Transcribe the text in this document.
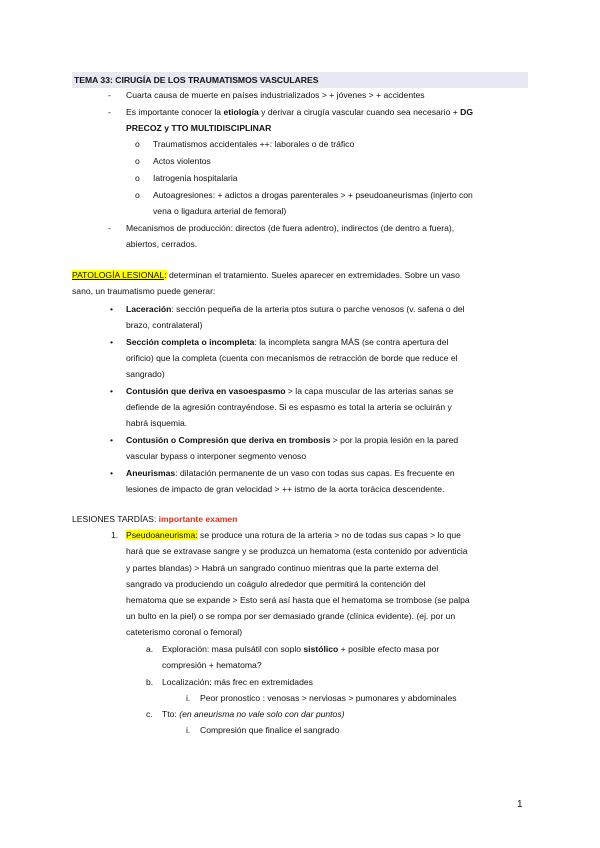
TEMA 33: CIRUGÍA DE LOS TRAUMATISMOS VASCULARES
- Cuarta causa de muerte en países industrializados > + jóvenes > + accidentes
- Es importante conocer la etiología y derivar a cirugía vascular cuando sea necesario + DG
PRECOZ y TTO MULTIDISCIPLINAR
o Traumatismos accidentales ++: laborales o de tráfico
o Actos violentos
o Iatrogenia hospitalaria
o Autoagresiones: + adictos a drogas parenterales > + pseudoaneurismas (injerto con
vena o ligadura arterial de femoral)
- Mecanismos de producción: directos (de fuera adentro), indirectos (de dentro a fuera),
abiertos, cerrados.
PATOLOGÍA LESIONAL: determinan el tratamiento. Sueles aparecer en extremidades. Sobre un vaso
sano, un traumatismo puede generar:
• Laceración: sección pequeña de la arteria ptos sutura o parche venosos (v. safena o del
brazo, contralateral)
• Sección completa o incompleta: la incompleta sangra MÁS (se contra apertura del
orificio) que la completa (cuenta con mecanismos de retracción de borde que reduce el
sangrado)
• Contusión que deriva en vasoespasmo > la capa muscular de las arterias sanas se
defiende de la agresión contrayéndose. Si es espasmo es total la arteria se ocluirán y
habrá isquemia.
• Contusión o Compresión que deriva en trombosis > por la propia lesión en la pared
vascular bypass o interponer segmento venoso
• Aneurismas: dilatación permanente de un vaso con todas sus capas. Es frecuente en
lesiones de impacto de gran velocidad > ++ istmo de la aorta torácica descendente.
LESIONES TARDÍAS: importante examen
1. Pseudoaneurisma: se produce una rotura de la arteria > no de todas sus capas > lo que
hará que se extravase sangre y se produzca un hematoma (esta contenido por adventicia
y partes blandas) > Habrá un sangrado continuo mientras que la parte externa del
sangrado va produciendo un coágulo alrededor que permitirá la contención del
hematoma que se expande > Esto será así hasta que el hematoma se trombose (se palpa
un bulto en la piel) o se rompa por ser demasiado grande (clínica evidente). (ej. por un
cateterismo coronal o femoral)
a. Exploración: masa pulsátil con soplo sistólico + posible efecto masa por
compresión + hematoma?
b. Localización: más frec en extremidades
i. Peor pronostico : venosas > nerviosas > pumonares y abdominales
c. Tto: (en aneurisma no vale solo con dar puntos)
i. Compresión que finalice el sangrado
1
